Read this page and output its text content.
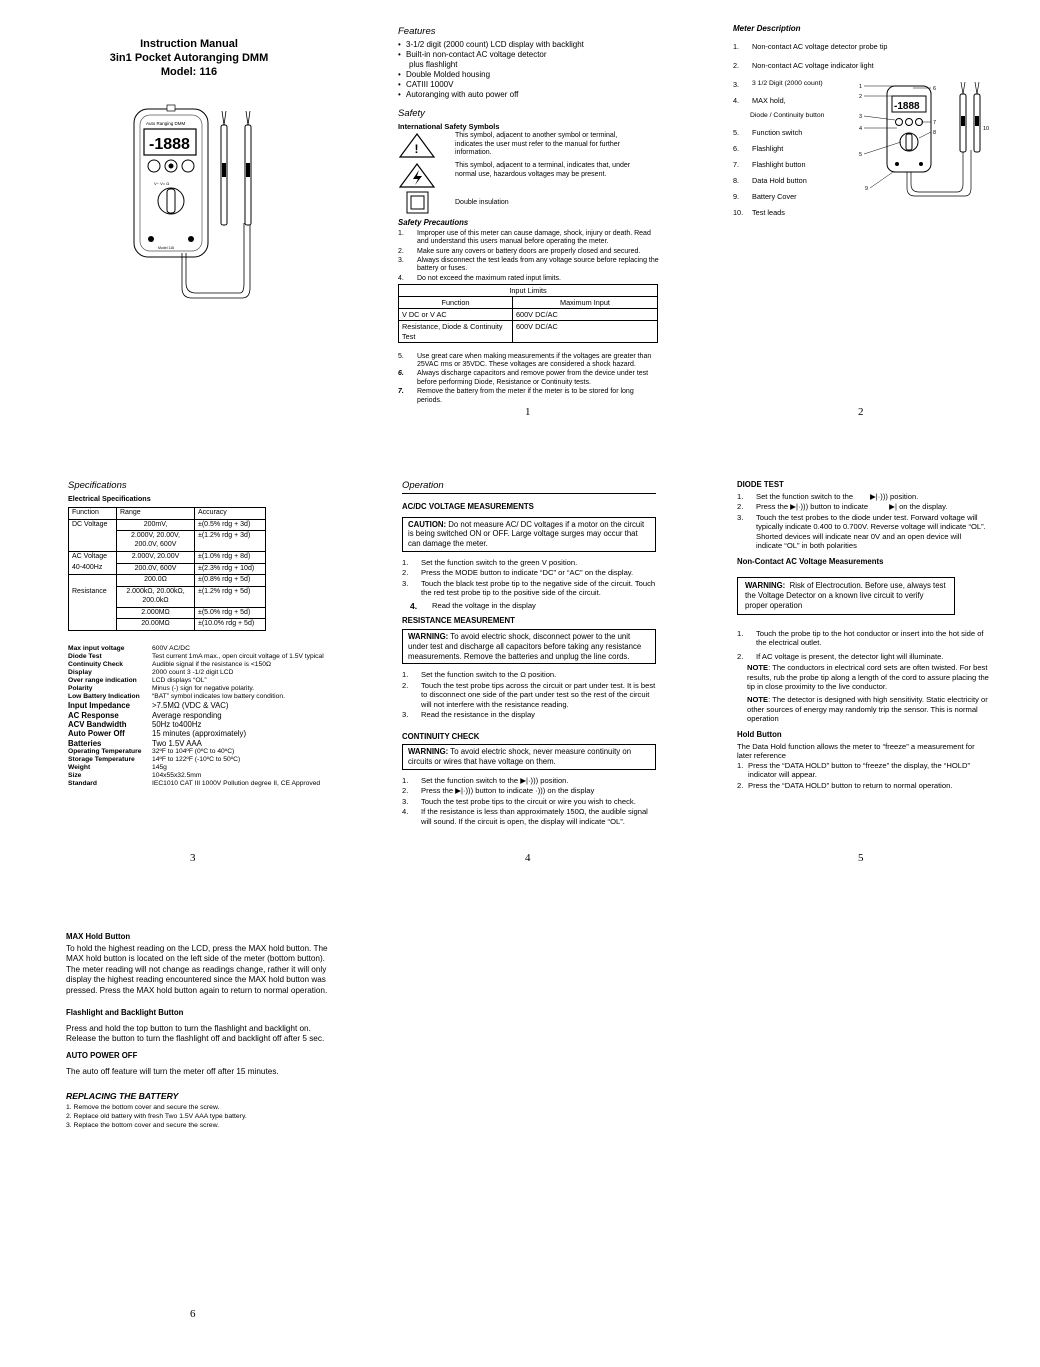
Instruction Manual
3in1 Pocket Autoranging DMM
Model: 116
Auto Ranging DMM
-1888
V~ V= Ω
Model 116
Features
• 3-1/2 digit (2000 count) LCD display with backlight
• Built-in non-contact AC voltage detector
plus flashlight
• Double Molded housing
• CATIII 1000V
• Autoranging with auto power off
Safety
International Safety Symbols
!
This symbol, adjacent to another symbol or terminal, indicates the user must refer to the manual for further information.
This symbol, adjacent to a terminal, indicates that, under normal use, hazardous voltages may be present.
Double insulation
Safety Precautions
1.	Improper use of this meter can cause damage, shock, injury or death. Read and understand this users manual before operating the meter.
2.	Make sure any covers or battery doors are properly closed and secured.
3.	Always disconnect the test leads from any voltage source before replacing the battery or fuses.
4.	Do not exceed the maximum rated input limits.
Input Limits	
Function	Maximum Input
V DC or V AC	600V DC/AC
Resistance, Diode & Continuity Test	600V DC/AC
5.	Use great care when making measurements if the voltages are greater than 25VAC rms or 35VDC. These voltages are considered a shock hazard.
6.	Always discharge capacitors and remove power from the device under test before performing Diode, Resistance or Continuity tests.
7.	Remove the battery from the meter if the meter is to be stored for long periods.
1
Meter Description
1.	Non-contact AC voltage detector probe tip
2.	Non-contact AC voltage indicator light
3.	3 1/2 Digit (2000 count)
4.	MAX hold,
Diode / Continuity button
5.	Function switch
6.	Flashlight
7.	Flashlight button
8.	Data Hold button
9.	Battery Cover
10.	Test leads
-1888
1
2
3
4
5
6
7
8
9
10
2
Specifications
Electrical Specifications
Function	Range	Accuracy
DC Voltage	200mV,	±(0.5% rdg + 3d)
	2.000V, 20.00V, 200.0V, 600V	±(1.2% rdg + 3d)
AC Voltage	2.000V, 20.00V	±(1.0% rdg + 8d)
40-400Hz	200.0V, 600V	±(2.3% rdg + 10d)
	200.0Ω	±(0.8% rdg + 5d)
Resistance	2.000kΩ, 20.00kΩ, 200.0kΩ	±(1.2% rdg + 5d)
	2.000MΩ	±(5.0% rdg + 5d)
	20.00MΩ	±(10.0% rdg + 5d)
Max input voltage	600V AC/DC
Diode Test	Test current 1mA max., open circuit voltage of 1.5V typical
Continuity Check	Audible signal if the resistance is <150Ω
Display	2000 count 3 -1/2 digit LCD
Over range indication	LCD displays “OL”
Polarity	Minus (-) sign for negative polarity.
Low Battery Indication	“BAT” symbol indicates low battery condition.
Input Impedance	>7.5MΩ (VDC & VAC)
AC Response	Average responding
ACV Bandwidth	50Hz to400Hz
Auto Power Off	15 minutes (approximately)
Batteries	Two 1.5V AAA
Operating Temperature	32ºF to 104ºF (0ºC to 40ºC)
Storage Temperature	14ºF to 122ºF (-10ºC to 50ºC)
Weight	145g
Size	104x55x32.5mm
Standard	IEC1010 CAT III 1000V Pollution degree II, CE Approved
3
Operation
AC/DC VOLTAGE MEASUREMENTS
CAUTION: Do not measure AC/ DC voltages if a motor on the circuit is being switched ON or OFF. Large voltage surges may occur that can damage the meter.
1.	Set the function switch to the green V position.
2.	Press the MODE button to indicate “DC” or “AC” on the display.
3.	Touch the black test probe tip to the negative side of the circuit. Touch the red test probe tip to the positive side of the circuit.
4.	Read the voltage in the display
RESISTANCE MEASUREMENT
WARNING: To avoid electric shock, disconnect power to the unit under test and discharge all capacitors before taking any resistance measurements. Remove the batteries and unplug the line cords.
1.	Set the function switch to the Ω position.
2.	Touch the test probe tips across the circuit or part under test. It is best to disconnect one side of the part under test so the rest of the circuit will not interfere with the resistance reading.
3.	Read the resistance in the display
CONTINUITY CHECK
WARNING: To avoid electric shock, never measure continuity on circuits or wires that have voltage on them.
1.	Set the function switch to the ▶|·))) position.
2.	Press the ▶|·))) button to indicate ·))) on the display
3.	Touch the test probe tips to the circuit or wire you wish to check.
4.	If the resistance is less than approximately 150Ω, the audible signal will sound. If the circuit is open, the display will indicate “OL”.
4
DIODE TEST
1.	Set the function switch to the        ▶|·))) position.
2.	Press the ▶|·))) button to indicate          ▶| on the display.
3.	Touch the test probes to the diode under test. Forward voltage will typically indicate 0.400 to 0.700V. Reverse voltage will indicate “OL”. Shorted devices will indicate near 0V and an open device will indicate “OL” in both polarities
Non-Contact AC Voltage Measurements
WARNING:  Risk of Electrocution. Before use, always test the Voltage Detector on a known live circuit to verify proper operation
1.	Touch the probe tip to the hot conductor or insert into the hot side of the electrical outlet.
2.	If AC voltage is present, the detector light will illuminate.
NOTE: The conductors in electrical cord sets are often twisted. For best results, rub the probe tip along a length of the cord to assure placing the tip in close proximity to the live conductor.
NOTE: The detector is designed with high sensitivity. Static electricity or other sources of energy may randomly trip the sensor. This is normal operation
Hold Button
The Data Hold function allows the meter to “freeze” a measurement for later reference
1. Press the “DATA HOLD” button to “freeze” the display, the “HOLD” indicator will appear.
2. Press the “DATA HOLD” button to return to normal operation.
5
MAX Hold Button
To hold the highest reading on the LCD, press the MAX hold button. The MAX hold button is located on the left side of the meter (bottom button). The meter reading will not change as readings change, rather it will only display the highest reading encountered since the MAX hold button was pressed. Press the MAX hold button again to return to normal operation.
Flashlight and Backlight Button
Press and hold the top button to turn the flashlight and backlight on. Release the button to turn the flashlight off and backlight off after 5 sec.
AUTO POWER OFF
The auto off feature will turn the meter off after 15 minutes.
REPLACING THE BATTERY
1. Remove the bottom cover and secure the screw.
2. Replace old battery with fresh Two 1.5V AAA type battery.
3. Replace the bottom cover and secure the screw.
6
